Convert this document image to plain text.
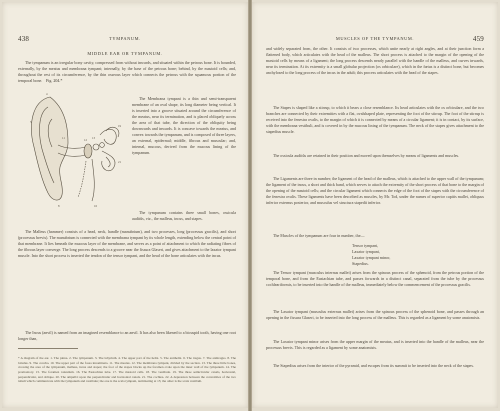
438	TYMPANUM.
MIDDLE EAR OR TYMPANUM.

The tympanum is an irregular bony cavity, compressed from without inwards, and situated within the petrous bone. It is bounded, externally, by the meatus and membrana tympani; internally, by the base of the petrous bone; behind, by the mastoid cells; and, throughout the rest of its circumference, by the thin osseous layer which connects the petrous with the squamous portion of the temporal bone. Fig. 204.*
4
5
11	12 13
19
21
16
8

The Membrana tympani is a thin and semi-transparent membrane of an oval shape, its long diameter being vertical. It is inserted into a groove situated around the circumference of the meatus, near its termination, and is placed obliquely across the area of that tube, the direction of the obliquity being downwards and inwards. It is concave towards the meatus, and convex towards the tympanum, and is composed of three layers, an external, epidermal; middle, fibrous and muscular; and, internal, mucous, derived from the mucous lining of the tympanum.

The tympanum contains three small bones, ossicula auditûs, viz., the malleus, incus, and stapes.

The Malleus (hammer) consists of a head, neck, handle (manubrium), and two processes, long (processus gracilis), and short (processus brevis). The manubrium is connected with the membrana tympani by its whole length, extending below the central point of that membrane. It lies beneath the mucous layer of the membrane, and serves as a point of attachment to which the radiating fibres of the fibrous layer converge. The long process descends to a groove near the fissura Glaseri, and gives attachment to the laxator tympani muscle. Into the short process is inserted the tendon of the tensor tympani, and the head of the bone articulates with the incus.

The Incus (anvil) is named from an imagined resemblance to an anvil. It has also been likened to a bicuspid tooth, having one root longer than,

* A diagram of the ear. 1. The pinna. 2. The tympanum. 3. The labyrinth. 4. The upper part of the helix. 5. The antihelix. 6. The tragus. 7. The antitragus. 8. The lobulus. 9. The concha. 10. The upper part of the fossa innominata. 11. The meatus. 12. The membrana tympani, divided by the section. 13. The three little bones, crossing the area of the tympanum, malleus, incus and stapes; the foot of the stapes blocks up the foramen ovale upon the inner wall of the tympanum. 14. The promontory. 15. The foramen rotundum. 16. The Eustachian tube. 17. The mastoid cells. 18. The vestibule. 19. The three semicircular canals, horizontal, perpendicular, and oblique. 20. The ampullæ upon the perpendicular and horizontal canals. 21. The cochlea. 22. A depression between the convexities of the two tubuli which communicate with the tympanum and vestibule; the one is the scala tympani, terminating at 15; the other is the scala vestibuli.
459
MUSCLES OF THE TYMPANUM.

and widely separated from, the other. It consists of two processes, which unite nearly at right angles, and at their junction form a flattened body, which articulates with the head of the malleus. The short process is attached to the margin of the opening of the mastoid cells by means of a ligament; the long process descends nearly parallel with the handle of the malleus, and curves inwards, near its termination. At its extremity is a small globular projection (os orbiculare), which in the fœtus is a distinct bone, but becomes anchylosed to the long process of the incus in the adult; this process articulates with the head of the stapes.

The Stapes is shaped like a stirrup, to which it bears a close resemblance. Its head articulates with the os orbiculare, and the two branches are connected by their extremities with a flat, ovalshaped plate, representing the foot of the stirrup. The foot of the stirrup is received into the fenestra ovalis, to the margin of which it is connected by means of a circular ligament; it is in contact, by its surface, with the membrana vestibuli, and is covered in by the mucous lining of the tympanum. The neck of the stapes gives attachment to the stapedius muscle.

The ossicula auditûs are retained in their position and moved upon themselves by means of ligaments and muscles.

The Ligaments are three in number; the ligament of the head of the malleus, which is attached to the upper wall of the tympanum; the ligament of the incus, a short and thick band, which serves to attach the extremity of the short process of that bone to the margin of the opening of the mastoid cells; and the circular ligament which connects the edge of the foot of the stapes with the circumference of the fenestra ovalis. These ligaments have been described as muscles, by Mr. Tod, under the names of superior capitis mallei, obliquus inferior externus posterior, and musculus vel structura stapedii inferior.

The Muscles of the tympanum are four in number, the—

Tensor tympani,
Laxator tympani,
Laxator tympani minor,
Stapedius.

The Tensor tympani (musculus internus mallei) arises from the spinous process of the sphenoid, from the petrous portion of the temporal bone, and from the Eustachian tube, and passes forwards in a distinct canal, separated from the tube by the processus cochleariformis, to be inserted into the handle of the malleus, immediately below the commencement of the processus gracilis.

The Laxator tympani (musculus externus mallei) arises from the spinous process of the sphenoid bone, and passes through an opening in the fissura Glaseri, to be inserted into the long process of the malleus. This is regarded as a ligament by some anatomists.

The Laxator tympani minor arises from the upper margin of the meatus, and is inserted into the handle of the malleus, near the processus brevis. This is regarded as a ligament by some anatomists.

The Stapedius arises from the interior of the pyramid, and escapes from its summit to be inserted into the neck of the stapes.
